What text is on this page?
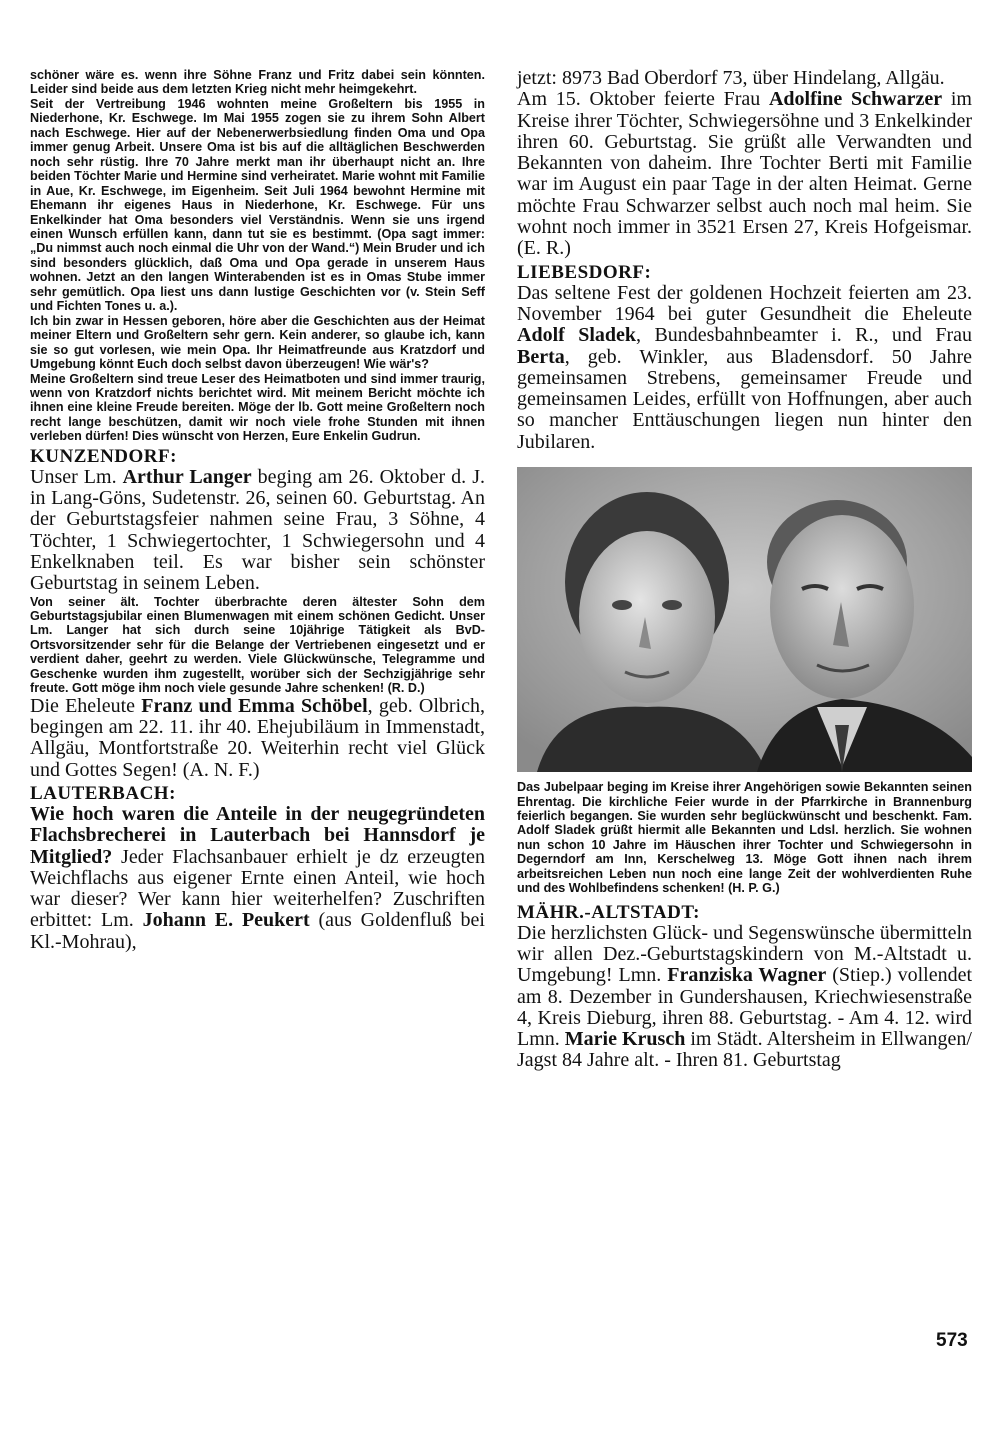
schöner wäre es. wenn ihre Söhne Franz und Fritz dabei sein könnten. Leider sind beide aus dem letzten Krieg nicht mehr heimgekehrt.

Seit der Vertreibung 1946 wohnten meine Großeltern bis 1955 in Niederhone, Kr. Eschwege. Im Mai 1955 zogen sie zu ihrem Sohn Albert nach Eschwege. Hier auf der Nebenerwerbsiedlung finden Oma und Opa immer genug Arbeit. Unsere Oma ist bis auf die alltäglichen Beschwerden noch sehr rüstig. Ihre 70 Jahre merkt man ihr überhaupt nicht an. Ihre beiden Töchter Marie und Hermine sind verheiratet. Marie wohnt mit Familie in Aue, Kr. Eschwege, im Eigenheim. Seit Juli 1964 bewohnt Hermine mit Ehemann ihr eigenes Haus in Niederhone, Kr. Eschwege. Für uns Enkelkinder hat Oma besonders viel Verständnis. Wenn sie uns irgend einen Wunsch erfüllen kann, dann tut sie es bestimmt. (Opa sagt immer: „Du nimmst auch noch einmal die Uhr von der Wand.“) Mein Bruder und ich sind besonders glücklich, daß Oma und Opa gerade in unserem Haus wohnen. Jetzt an den langen Winterabenden ist es in Omas Stube immer sehr gemütlich. Opa liest uns dann lustige Geschichten vor (v. Stein Seff und Fichten Tones u. a.).

Ich bin zwar in Hessen geboren, höre aber die Geschichten aus der Heimat meiner Eltern und Großeltern sehr gern. Kein anderer, so glaube ich, kann sie so gut vorlesen, wie mein Opa. Ihr Heimatfreunde aus Kratzdorf und Umgebung könnt Euch doch selbst davon überzeugen! Wie wär's?

Meine Großeltern sind treue Leser des Heimatboten und sind immer traurig, wenn von Kratzdorf nichts berichtet wird. Mit meinem Bericht möchte ich ihnen eine kleine Freude bereiten. Möge der lb. Gott meine Großeltern noch recht lange beschützen, damit wir noch viele frohe Stunden mit ihnen verleben dürfen! Dies wünscht von Herzen, Eure Enkelin Gudrun.

KUNZENDORF:
Unser Lm. Arthur Langer beging am 26. Oktober d. J. in Lang-Göns, Sudetenstr. 26, seinen 60. Geburtstag. An der Geburtstagsfeier nahmen seine Frau, 3 Söhne, 4 Töchter, 1 Schwiegertochter, 1 Schwiegersohn und 4 Enkelknaben teil. Es war bisher sein schönster Geburtstag in seinem Leben.
Von seiner ält. Tochter überbrachte deren ältester Sohn dem Geburtstagsjubilar einen Blumenwagen mit einem schönen Gedicht. Unser Lm. Langer hat sich durch seine 10jährige Tätigkeit als BvD-Ortsvorsitzender sehr für die Belange der Vertriebenen eingesetzt und er verdient daher, geehrt zu werden. Viele Glückwünsche, Telegramme und Geschenke wurden ihm zugestellt, worüber sich der Sechzigjährige sehr freute. Gott möge ihm noch viele gesunde Jahre schenken! (R. D.)
Die Eheleute Franz und Emma Schöbel, geb. Olbrich, begingen am 22. 11. ihr 40. Ehejubiläum in Immenstadt, Allgäu, Montfortstraße 20. Weiterhin recht viel Glück und Gottes Segen! (A. N. F.)
LAUTERBACH:
Wie hoch waren die Anteile in der neugegründeten Flachsbrecherei in Lauterbach bei Hannsdorf je Mitglied? Jeder Flachsanbauer erhielt je dz erzeugten Weichflachs aus eigener Ernte einen Anteil, wie hoch war dieser? Wer kann hier weiterhelfen? Zuschriften erbittet: Lm. Johann E. Peukert (aus Goldenfluß bei Kl.-Mohrau),

jetzt: 8973 Bad Oberdorf 73, über Hindelang, Allgäu.

Am 15. Oktober feierte Frau Adolfine Schwarzer im Kreise ihrer Töchter, Schwiegersöhne und 3 Enkelkinder ihren 60. Geburtstag. Sie grüßt alle Verwandten und Bekannten von daheim. Ihre Tochter Berti mit Familie war im August ein paar Tage in der alten Heimat. Gerne möchte Frau Schwarzer selbst auch noch mal heim. Sie wohnt noch immer in 3521 Ersen 27, Kreis Hofgeismar. (E. R.)

LIEBESDORF:
Das seltene Fest der goldenen Hochzeit feierten am 23. November 1964 bei guter Gesundheit die Eheleute Adolf Sladek, Bundesbahnbeamter i. R., und Frau Berta, geb. Winkler, aus Bladensdorf. 50 Jahre gemeinsamen Strebens, gemeinsamer Freude und gemeinsamen Leides, erfüllt von Hoffnungen, aber auch so mancher Enttäuschungen liegen nun hinter den Jubilaren.
Das Jubelpaar beging im Kreise ihrer Angehörigen sowie Bekannten seinen Ehrentag. Die kirchliche Feier wurde in der Pfarrkirche in Brannenburg feierlich begangen. Sie wurden sehr beglückwünscht und beschenkt. Fam. Adolf Sladek grüßt hiermit alle Bekannten und Ldsl. herzlich. Sie wohnen nun schon 10 Jahre im Häuschen ihrer Tochter und Schwiegersohn in Degerndorf am Inn, Kerschelweg 13. Möge Gott ihnen nach ihrem arbeitsreichen Leben nun noch eine lange Zeit der wohlverdienten Ruhe und des Wohlbefindens schenken! (H. P. G.)
MÄHR.-ALTSTADT:
Die herzlichsten Glück- und Segenswünsche übermitteln wir allen Dez.-Geburtstagskindern von M.-Altstadt u. Umgebung! Lmn. Franziska Wagner (Stiep.) vollendet am 8. Dezember in Gundershausen, Kriechwiesenstraße 4, Kreis Dieburg, ihren 88. Geburtstag. - Am 4. 12. wird Lmn. Marie Krusch im Städt. Altersheim in Ellwangen/ Jagst 84 Jahre alt. - Ihren 81. Geburtstag
573
